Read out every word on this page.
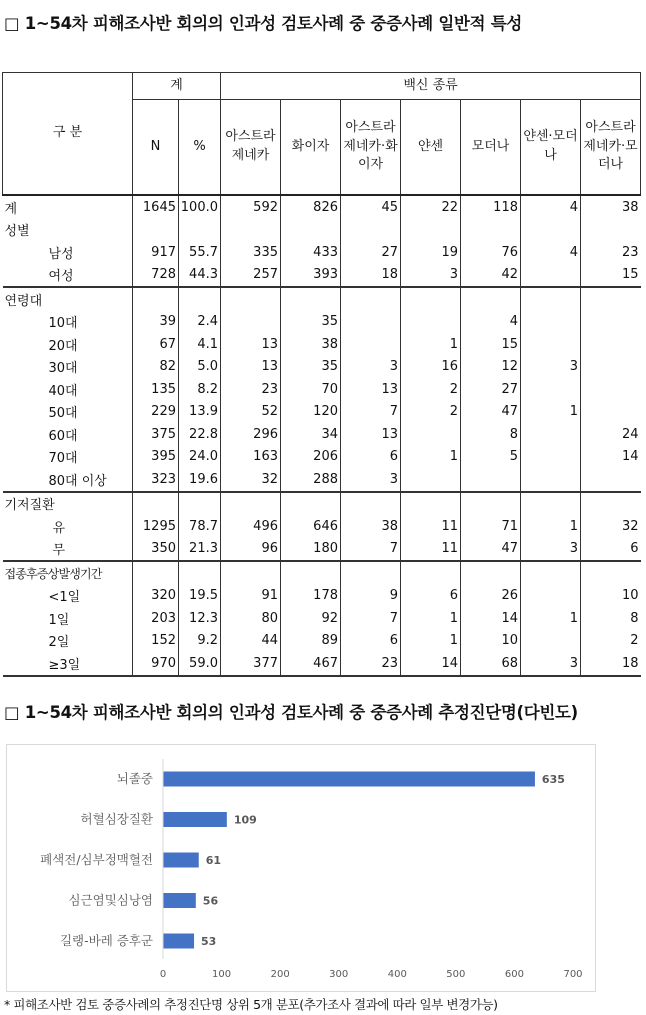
□ 1~54차 피해조사반 회의의 인과성 검토사례 중 중증사례 일반적 특성
구 분	계		백신 종류						
	N	%	아스트라제네카	화이자	아스트라제네카·화이자	얀센	모더나	얀센·모더나	아스트라제네카·모더나
계	1645	100.0	592	826	45	22	118	4	38
성별									
남성	917	55.7	335	433	27	19	76	4	23
여성	728	44.3	257	393	18	3	42		15
연령대									
10대	39	2.4		35			4		
20대	67	4.1	13	38		1	15		
30대	82	5.0	13	35	3	16	12	3	
40대	135	8.2	23	70	13	2	27		
50대	229	13.9	52	120	7	2	47	1	
60대	375	22.8	296	34	13		8		24
70대	395	24.0	163	206	6	1	5		14
80대 이상	323	19.6	32	288	3				
기저질환									
유	1295	78.7	496	646	38	11	71	1	32
무	350	21.3	96	180	7	11	47	3	6
접종후증상발생기간									
<1일	320	19.5	91	178	9	6	26		10
1일	203	12.3	80	92	7	1	14	1	8
2일	152	9.2	44	89	6	1	10		2
≥3일	970	59.0	377	467	23	14	68	3	18
□ 1~54차 피해조사반 회의의 인과성 검토사례 중 중증사례 추정진단명(다빈도)
뇌졸중	635
허혈심장질환	109
폐색전/심부정맥혈전	61
심근염및심낭염	56
길랭-바레 증후군	53
0	100	200	300	400	500	600	700
* 피해조사반 검토 중증사례의 추정진단명 상위 5개 분포(추가조사 결과에 따라 일부 변경가능)
